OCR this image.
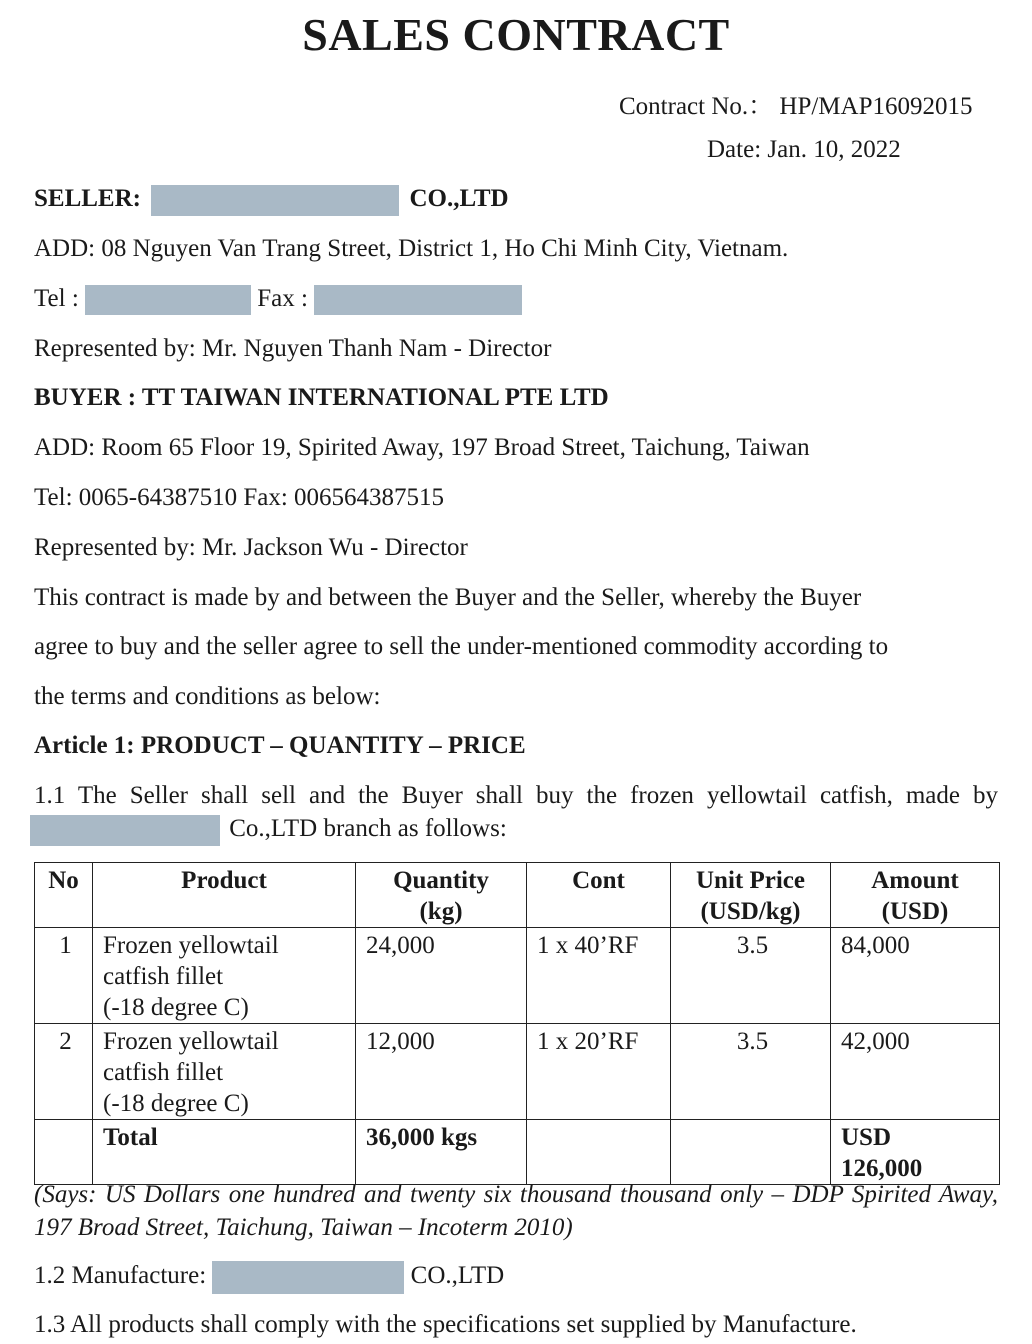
SALES CONTRACT
Contract No.： HP/MAP16092015
Date: Jan. 10, 2022
SELLER:	CO.,LTD
ADD: 08 Nguyen Van Trang Street, District 1, Ho Chi Minh City, Vietnam.
Tel :	Fax :
Represented by: Mr. Nguyen Thanh Nam - Director
BUYER : TT TAIWAN INTERNATIONAL PTE LTD
ADD: Room 65 Floor 19, Spirited Away, 197 Broad Street, Taichung, Taiwan
Tel: 0065-64387510 Fax: 006564387515
Represented by: Mr. Jackson Wu - Director
This contract is made by and between the Buyer and the Seller, whereby the Buyer
agree to buy and the seller agree to sell the under-mentioned commodity according to
the terms and conditions as below:
Article 1: PRODUCT – QUANTITY – PRICE
1.1 The Seller shall sell and the Buyer shall buy the frozen yellowtail catfish, made by
Co.,LTD branch as follows:
No	Product	Quantity
(kg)	Cont	Unit Price
(USD/kg)	Amount
(USD)
1	Frozen yellowtail
catfish fillet
(-18 degree C)	24,000	1 x 40’RF	3.5	84,000
2	Frozen yellowtail
catfish fillet
(-18 degree C)	12,000	1 x 20’RF	3.5	42,000
	Total	36,000 kgs			USD
126,000
(Says: US Dollars one hundred and twenty six thousand thousand only – DDP Spirited Away, 197 Broad Street, Taichung, Taiwan – Incoterm 2010)
1.2 Manufacture:	CO.,LTD
1.3 All products shall comply with the specifications set supplied by Manufacture.
